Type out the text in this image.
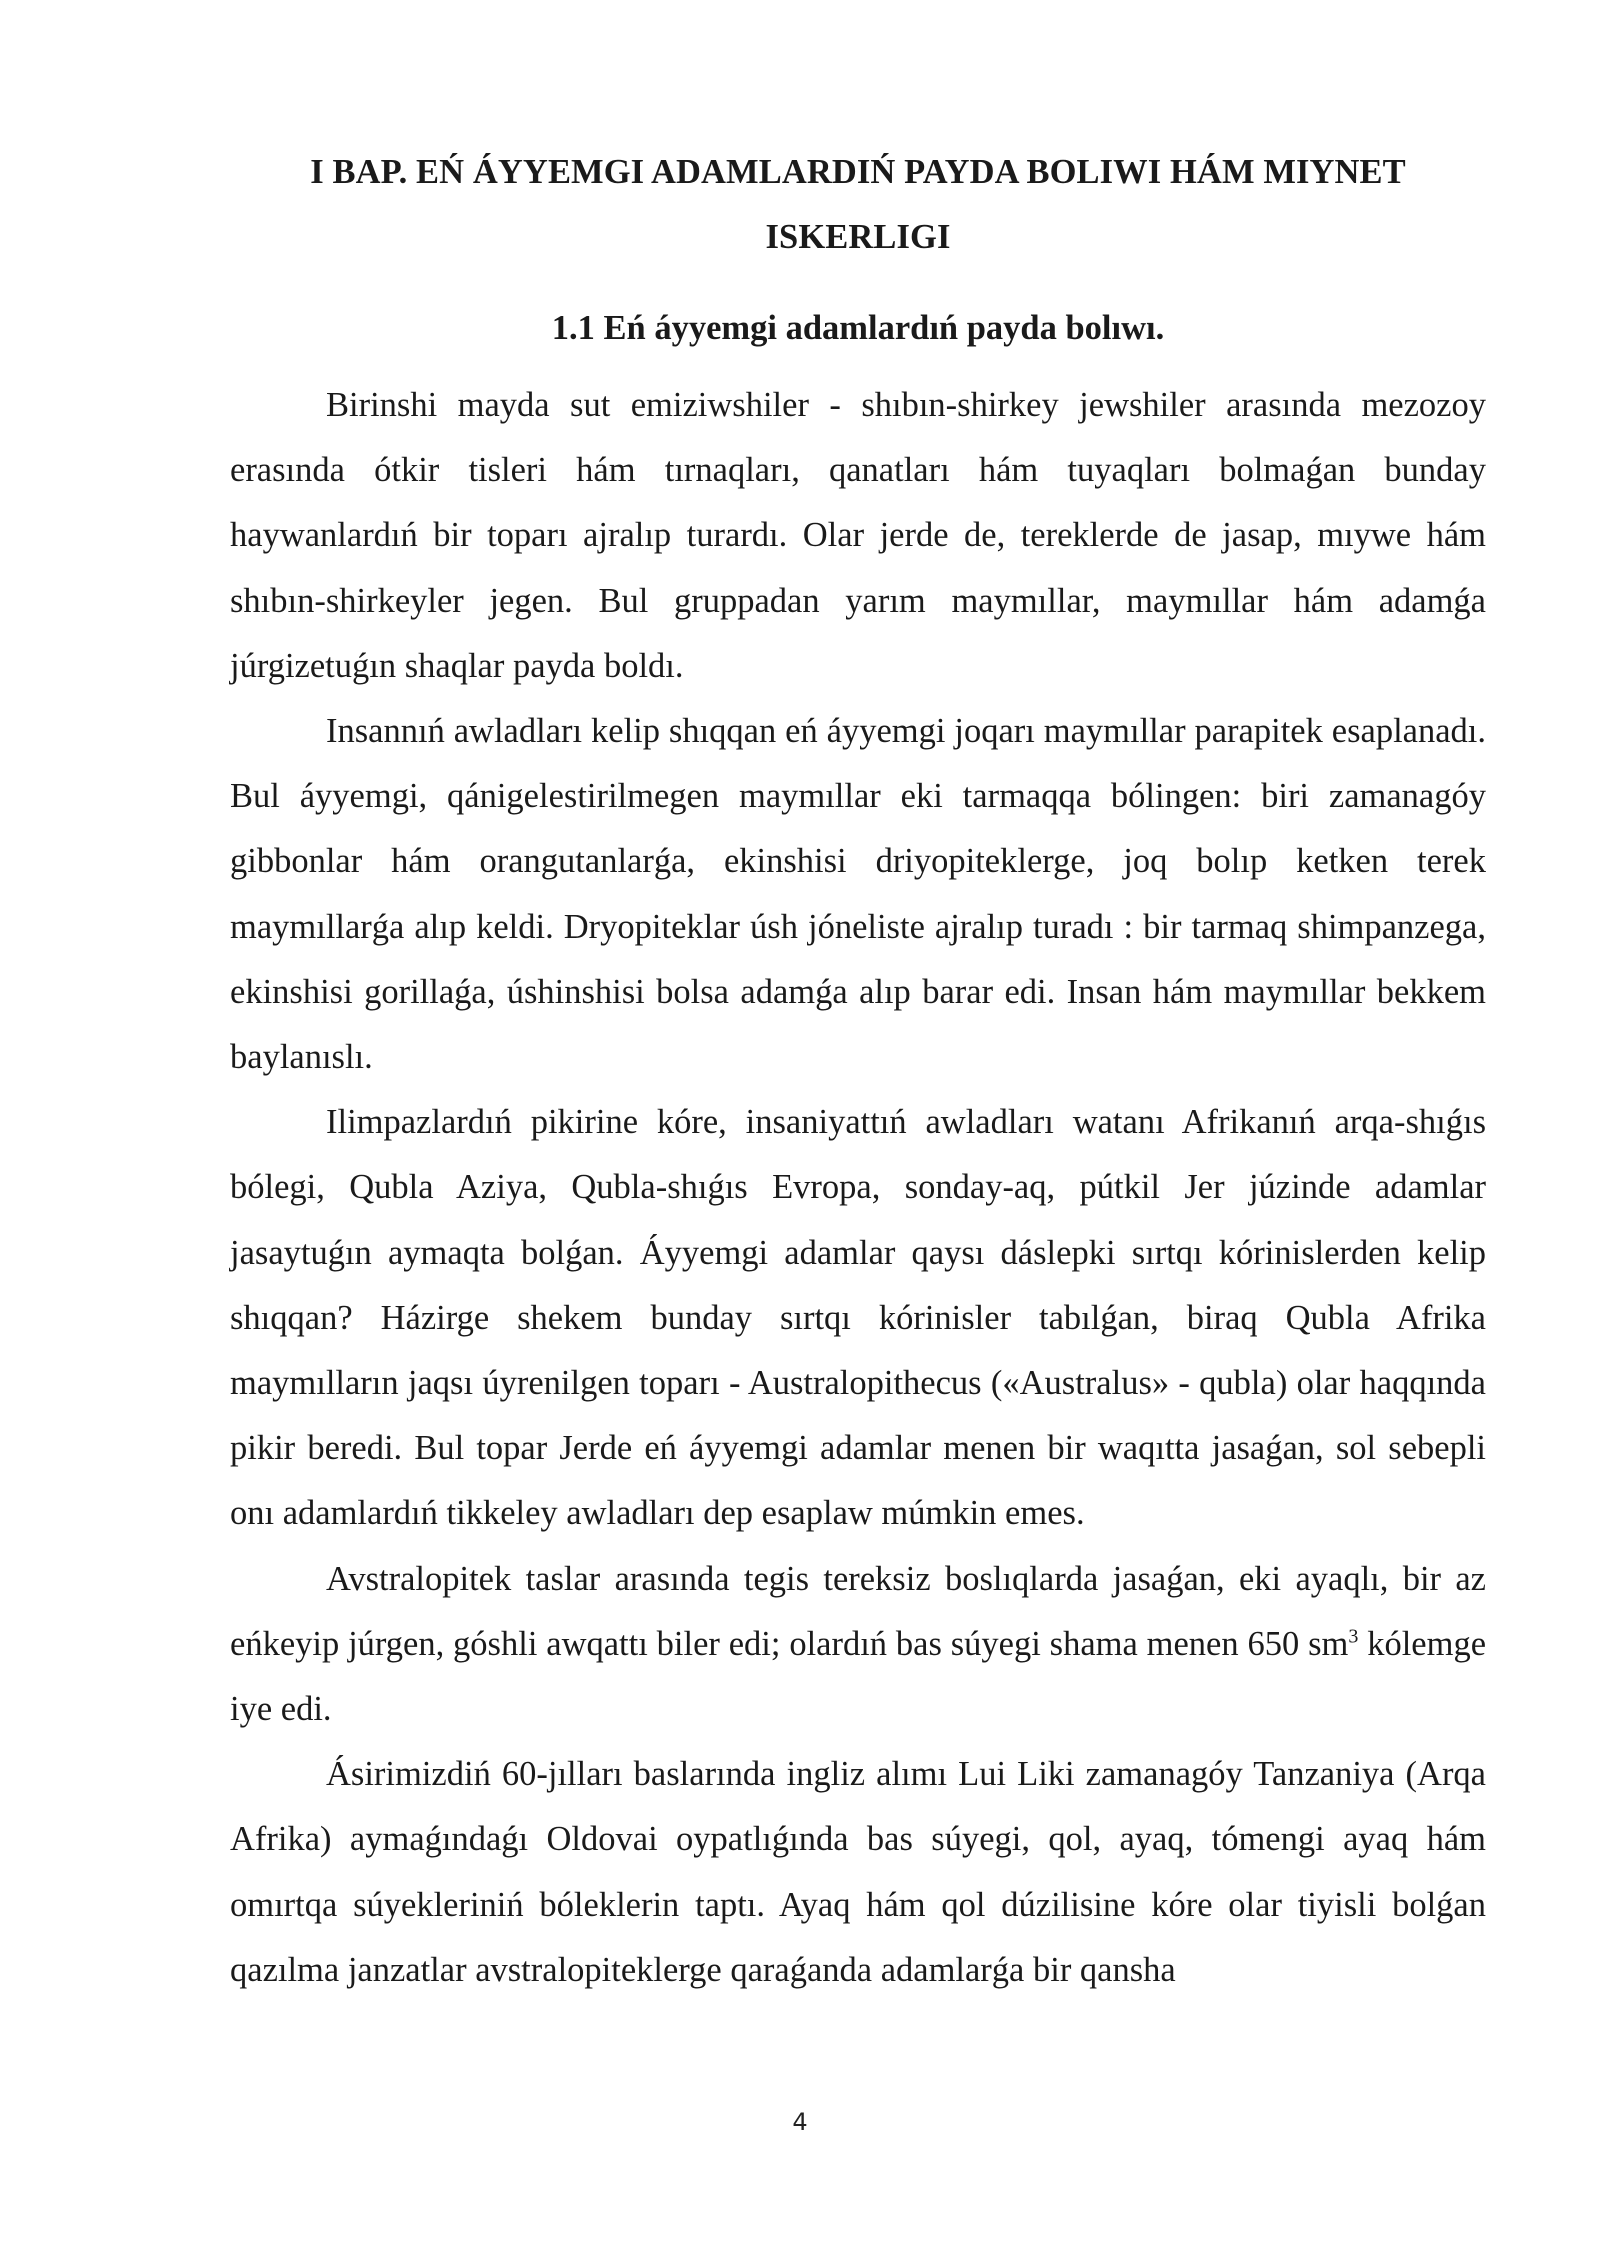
I BAP. EŃ ÁYYEMGI ADAMLARDIŃ PAYDA BOLIWI HÁM MIYNET ISKERLIGI
1.1 Eń áyyemgi adamlardıń payda bolıwı.

Birinshi mayda sut emiziwshiler - shıbın-shirkey jewshiler arasında mezozoy erasında ótkir tisleri hám tırnaqları, qanatları hám tuyaqları bolmaǵan bunday haywanlardıń bir toparı ajralıp turardı. Olar jerde de, tereklerde de jasap, mıywe hám shıbın-shirkeyler jegen. Bul gruppadan yarım maymıllar, maymıllar hám adamǵa júrgizetuǵın shaqlar payda boldı.

Insannıń awladları kelip shıqqan eń áyyemgi joqarı maymıllar parapitek esaplanadı. Bul áyyemgi, qánigelestirilmegen maymıllar eki tarmaqqa bólingen: biri zamanagóy gibbonlar hám orangutanlarǵa, ekinshisi driyopiteklerge, joq bolıp ketken terek maymıllarǵa alıp keldi. Dryopiteklar úsh jóneliste ajralıp turadı : bir tarmaq shimpanzega, ekinshisi gorillaǵa, úshinshisi bolsa adamǵa alıp barar edi. Insan hám maymıllar bekkem baylanıslı.

Ilimpazlardıń pikirine kóre, insaniyattıń awladları watanı Afrikanıń arqa-shıǵıs bólegi, Qubla Aziya, Qubla-shıǵıs Evropa, sonday-aq, pútkil Jer júzinde adamlar jasaytuǵın aymaqta bolǵan. Áyyemgi adamlar qaysı dáslepki sırtqı kórinislerden kelip shıqqan? Házirge shekem bunday sırtqı kórinisler tabılǵan, biraq Qubla Afrika maymılların jaqsı úyrenilgen toparı - Australopithecus («Australus» - qubla) olar haqqında pikir beredi. Bul topar Jerde eń áyyemgi adamlar menen bir waqıtta jasaǵan, sol sebepli onı adamlardıń tikkeley awladları dep esaplaw múmkin emes.

Avstralopitek taslar arasında tegis tereksiz boslıqlarda jasaǵan, eki ayaqlı, bir az eńkeyip júrgen, góshli awqattı biler edi; olardıń bas súyegi shama menen 650 $sm^3$ kólemge iye edi.

Ásirimizdiń 60-jılları baslarında ingliz alımı Lui Liki zamanagóy Tanzaniya (Arqa Afrika) aymaǵındaǵı Oldovai oypatlıǵında bas súyegi, qol, ayaq, tómengi ayaq hám omırtqa súyekleriniń bóleklerin taptı. Ayaq hám qol dúzilisine kóre olar tiyisli bolǵan qazılma janzatlar avstralopiteklerge qaraǵanda adamlarǵa bir qansha

4
